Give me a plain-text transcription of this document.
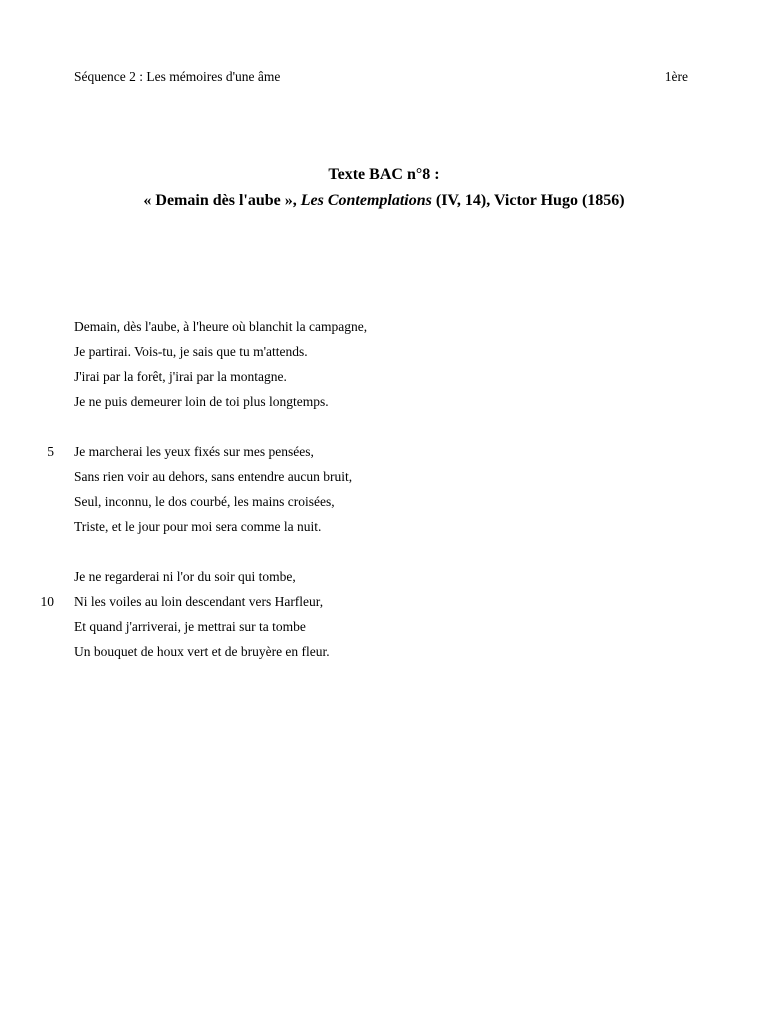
Séquence 2 : Les mémoires d'une âme	1ère
Texte BAC n°8 :
« Demain dès l'aube », Les Contemplations (IV, 14), Victor Hugo (1856)
Demain, dès l'aube, à l'heure où blanchit la campagne,
Je partirai. Vois-tu, je sais que tu m'attends.
J'irai par la forêt, j'irai par la montagne.
Je ne puis demeurer loin de toi plus longtemps.
5 Je marcherai les yeux fixés sur mes pensées,
Sans rien voir au dehors, sans entendre aucun bruit,
Seul, inconnu, le dos courbé, les mains croisées,
Triste, et le jour pour moi sera comme la nuit.
Je ne regarderai ni l'or du soir qui tombe,
10 Ni les voiles au loin descendant vers Harfleur,
Et quand j'arriverai, je mettrai sur ta tombe
Un bouquet de houx vert et de bruyère en fleur.
